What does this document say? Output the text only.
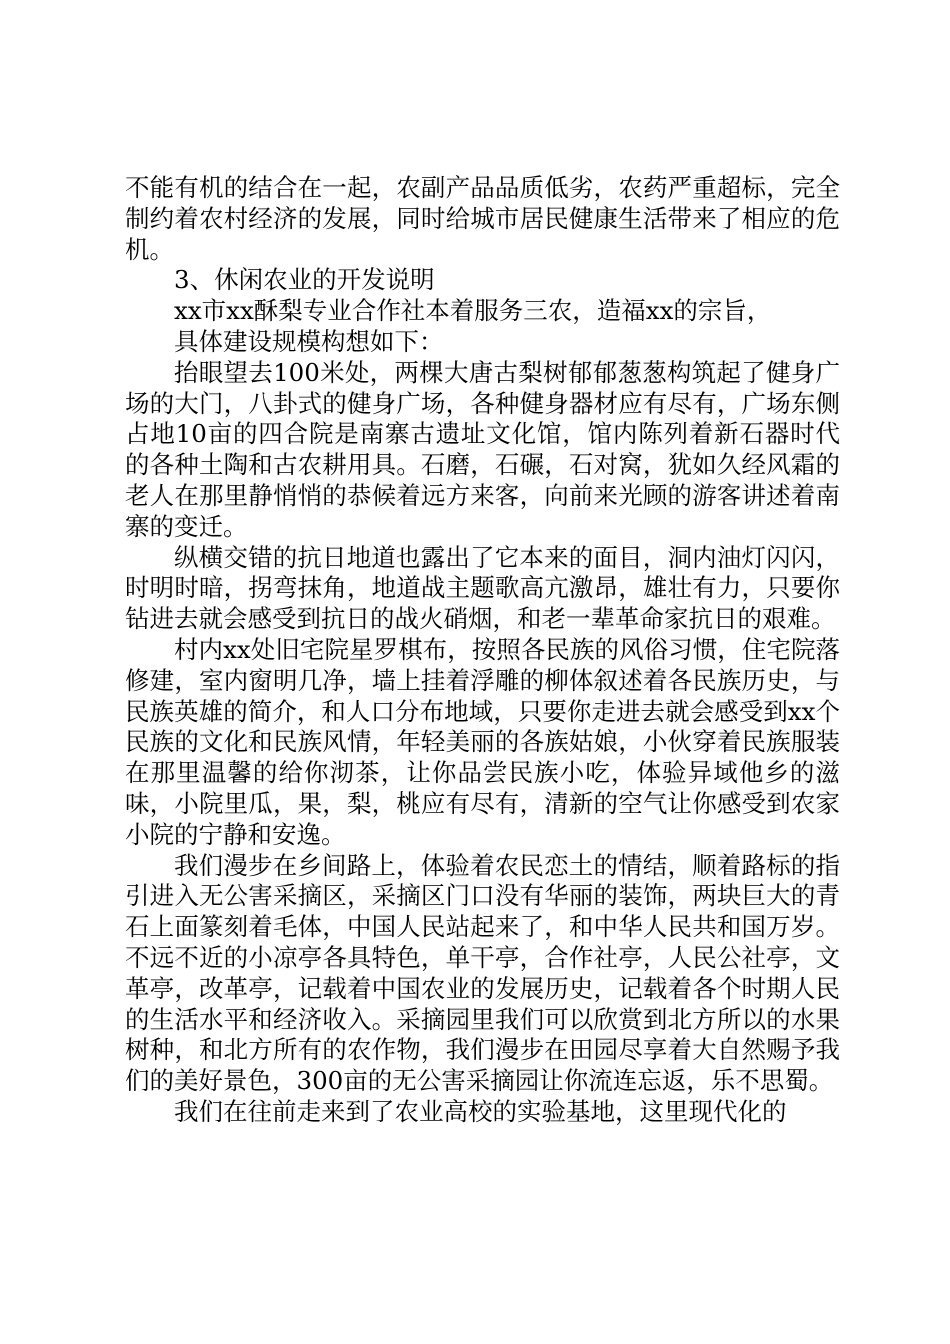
不能有机的结合在一起，农副产品品质低劣，农药严重超标，完全制约着农村经济的发展，同时给城市居民健康生活带来了相应的危机。

3、休闲农业的开发说明

xx市xx酥梨专业合作社本着服务三农，造福xx的宗旨，

具体建设规模构想如下：

抬眼望去100米处，两棵大唐古梨树郁郁葱葱构筑起了健身广场的大门，八卦式的健身广场，各种健身器材应有尽有，广场东侧占地10亩的四合院是南寨古遗址文化馆，馆内陈列着新石器时代的各种土陶和古农耕用具。石磨，石碾，石对窝，犹如久经风霜的老人在那里静悄悄的恭候着远方来客，向前来光顾的游客讲述着南寨的变迁。

纵横交错的抗日地道也露出了它本来的面目，洞内油灯闪闪，时明时暗，拐弯抹角，地道战主题歌高亢激昂，雄壮有力，只要你钻进去就会感受到抗日的战火硝烟，和老一辈革命家抗日的艰难。

村内xx处旧宅院星罗棋布，按照各民族的风俗习惯，住宅院落修建，室内窗明几净，墙上挂着浮雕的柳体叙述着各民族历史，与民族英雄的简介，和人口分布地域，只要你走进去就会感受到xx个民族的文化和民族风情，年轻美丽的各族姑娘，小伙穿着民族服装在那里温馨的给你沏茶，让你品尝民族小吃，体验异域他乡的滋味，小院里瓜，果，梨，桃应有尽有，清新的空气让你感受到农家小院的宁静和安逸。

我们漫步在乡间路上，体验着农民恋土的情结，顺着路标的指引进入无公害采摘区，采摘区门口没有华丽的装饰，两块巨大的青石上面篆刻着毛体，中国人民站起来了，和中华人民共和国万岁。不远不近的小凉亭各具特色，单干亭，合作社亭，人民公社亭，文革亭，改革亭，记载着中国农业的发展历史，记载着各个时期人民的生活水平和经济收入。采摘园里我们可以欣赏到北方所以的水果树种，和北方所有的农作物，我们漫步在田园尽享着大自然赐予我们的美好景色，300亩的无公害采摘园让你流连忘返，乐不思蜀。

我们在往前走来到了农业高校的实验基地，这里现代化的
